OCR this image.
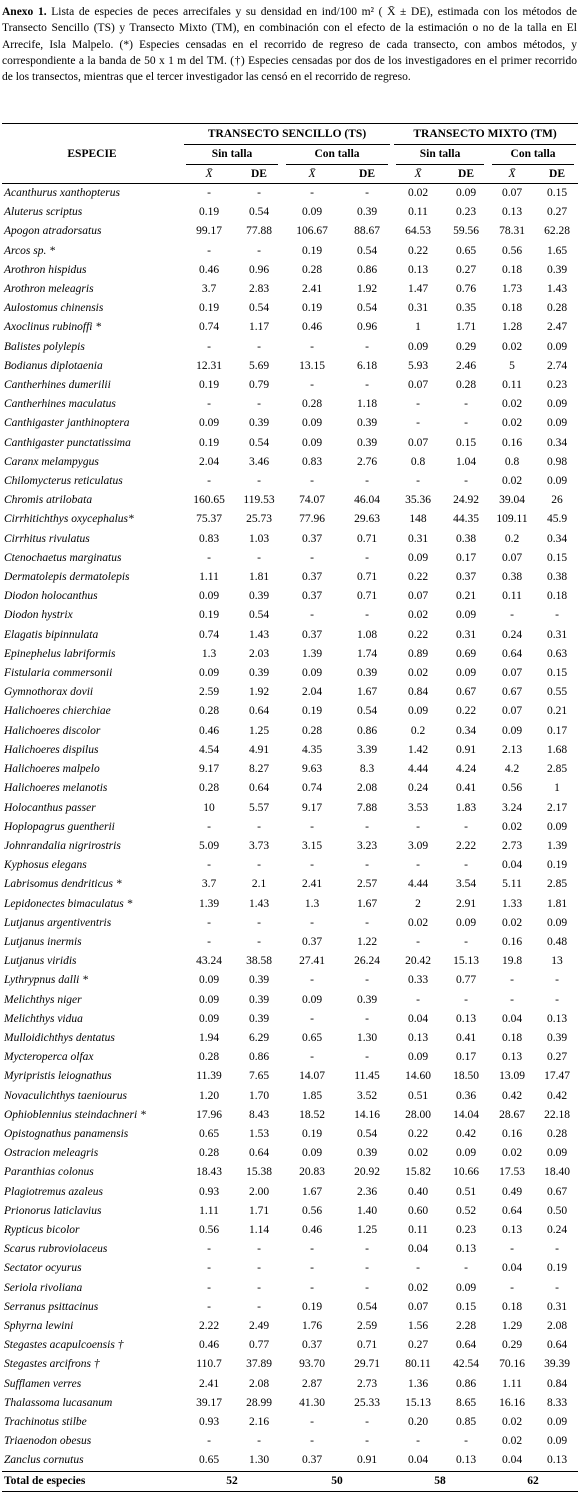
Anexo 1. Lista de especies de peces arrecifales y su densidad en ind/100 m² ( X̄ ± DE), estimada con los métodos de Transecto Sencillo (TS) y Transecto Mixto (TM), en combinación con el efecto de la estimación o no de la talla en El Arrecife, Isla Malpelo. (*) Especies censadas en el recorrido de regreso de cada transecto, con ambos métodos, y correspondiente a la banda de 50 x 1 m del TM. (†) Especies censadas por dos de los investigadores en el primer recorrido de los transectos, mientras que el tercer investigador las censó en el recorrido de regreso.
ESPECIE	TRANSECTO SENCILLO (TS)				TRANSECTO MIXTO (TM)			

	Sin talla		Con talla		Sin talla		Con talla	

	X̄	DE	X̄	DE	X̄	DE	X̄	DE
Acanthurus xanthopterus	-	-	-	-	0.02	0.09	0.07	0.15
Aluterus scriptus	0.19	0.54	0.09	0.39	0.11	0.23	0.13	0.27
Apogon atradorsatus	99.17	77.88	106.67	88.67	64.53	59.56	78.31	62.28
Arcos sp. *	-	-	0.19	0.54	0.22	0.65	0.56	1.65
Arothron hispidus	0.46	0.96	0.28	0.86	0.13	0.27	0.18	0.39
Arothron meleagris	3.7	2.83	2.41	1.92	1.47	0.76	1.73	1.43
Aulostomus chinensis	0.19	0.54	0.19	0.54	0.31	0.35	0.18	0.28
Axoclinus rubinoffi *	0.74	1.17	0.46	0.96	1	1.71	1.28	2.47
Balistes polylepis	-	-	-	-	0.09	0.29	0.02	0.09
Bodianus diplotaenia	12.31	5.69	13.15	6.18	5.93	2.46	5	2.74
Cantherhines dumerilii	0.19	0.79	-	-	0.07	0.28	0.11	0.23
Cantherhines maculatus	-	-	0.28	1.18	-	-	0.02	0.09
Canthigaster janthinoptera	0.09	0.39	0.09	0.39	-	-	0.02	0.09
Canthigaster punctatissima	0.19	0.54	0.09	0.39	0.07	0.15	0.16	0.34
Caranx melampygus	2.04	3.46	0.83	2.76	0.8	1.04	0.8	0.98
Chilomycterus reticulatus	-	-	-	-	-	-	0.02	0.09
Chromis atrilobata	160.65	119.53	74.07	46.04	35.36	24.92	39.04	26
Cirrhitichthys oxycephalus*	75.37	25.73	77.96	29.63	148	44.35	109.11	45.9
Cirrhitus rivulatus	0.83	1.03	0.37	0.71	0.31	0.38	0.2	0.34
Ctenochaetus marginatus	-	-	-	-	0.09	0.17	0.07	0.15
Dermatolepis dermatolepis	1.11	1.81	0.37	0.71	0.22	0.37	0.38	0.38
Diodon holocanthus	0.09	0.39	0.37	0.71	0.07	0.21	0.11	0.18
Diodon hystrix	0.19	0.54	-	-	0.02	0.09	-	-
Elagatis bipinnulata	0.74	1.43	0.37	1.08	0.22	0.31	0.24	0.31
Epinephelus labriformis	1.3	2.03	1.39	1.74	0.89	0.69	0.64	0.63
Fistularia commersonii	0.09	0.39	0.09	0.39	0.02	0.09	0.07	0.15
Gymnothorax dovii	2.59	1.92	2.04	1.67	0.84	0.67	0.67	0.55
Halichoeres chierchiae	0.28	0.64	0.19	0.54	0.09	0.22	0.07	0.21
Halichoeres discolor	0.46	1.25	0.28	0.86	0.2	0.34	0.09	0.17
Halichoeres dispilus	4.54	4.91	4.35	3.39	1.42	0.91	2.13	1.68
Halichoeres malpelo	9.17	8.27	9.63	8.3	4.44	4.24	4.2	2.85
Halichoeres melanotis	0.28	0.64	0.74	2.08	0.24	0.41	0.56	1
Holocanthus passer	10	5.57	9.17	7.88	3.53	1.83	3.24	2.17
Hoplopagrus guentherii	-	-	-	-	-	-	0.02	0.09
Johnrandalia nigrirostris	5.09	3.73	3.15	3.23	3.09	2.22	2.73	1.39
Kyphosus elegans	-	-	-	-	-	-	0.04	0.19
Labrisomus dendriticus *	3.7	2.1	2.41	2.57	4.44	3.54	5.11	2.85
Lepidonectes bimaculatus *	1.39	1.43	1.3	1.67	2	2.91	1.33	1.81
Lutjanus argentiventris	-	-	-	-	0.02	0.09	0.02	0.09
Lutjanus inermis	-	-	0.37	1.22	-	-	0.16	0.48
Lutjanus viridis	43.24	38.58	27.41	26.24	20.42	15.13	19.8	13
Lythrypnus dalli *	0.09	0.39	-	-	0.33	0.77	-	-
Melichthys niger	0.09	0.39	0.09	0.39	-	-	-	-
Melichthys vidua	0.09	0.39	-	-	0.04	0.13	0.04	0.13
Mulloidichthys dentatus	1.94	6.29	0.65	1.30	0.13	0.41	0.18	0.39
Mycteroperca olfax	0.28	0.86	-	-	0.09	0.17	0.13	0.27
Myripristis leiognathus	11.39	7.65	14.07	11.45	14.60	18.50	13.09	17.47
Novaculichthys taeniourus	1.20	1.70	1.85	3.52	0.51	0.36	0.42	0.42
Ophioblennius steindachneri *	17.96	8.43	18.52	14.16	28.00	14.04	28.67	22.18
Opistognathus panamensis	0.65	1.53	0.19	0.54	0.22	0.42	0.16	0.28
Ostracion meleagris	0.28	0.64	0.09	0.39	0.02	0.09	0.02	0.09
Paranthias colonus	18.43	15.38	20.83	20.92	15.82	10.66	17.53	18.40
Plagiotremus azaleus	0.93	2.00	1.67	2.36	0.40	0.51	0.49	0.67
Prionorus laticlavius	1.11	1.71	0.56	1.40	0.60	0.52	0.64	0.50
Rypticus bicolor	0.56	1.14	0.46	1.25	0.11	0.23	0.13	0.24
Scarus rubroviolaceus	-	-	-	-	0.04	0.13	-	-
Sectator ocyurus	-	-	-	-	-	-	0.04	0.19
Seriola rivoliana	-	-	-	-	0.02	0.09	-	-
Serranus psittacinus	-	-	0.19	0.54	0.07	0.15	0.18	0.31
Sphyrna lewini	2.22	2.49	1.76	2.59	1.56	2.28	1.29	2.08
Stegastes acapulcoensis †	0.46	0.77	0.37	0.71	0.27	0.64	0.29	0.64
Stegastes arcifrons †	110.7	37.89	93.70	29.71	80.11	42.54	70.16	39.39
Sufflamen verres	2.41	2.08	2.87	2.73	1.36	0.86	1.11	0.84
Thalassoma lucasanum	39.17	28.99	41.30	25.33	15.13	8.65	16.16	8.33
Trachinotus stilbe	0.93	2.16	-	-	0.20	0.85	0.02	0.09
Triaenodon obesus	-	-	-	-	-	-	0.02	0.09
Zanclus cornutus	0.65	1.30	0.37	0.91	0.04	0.13	0.04	0.13
Total de especies	52		50		58		62	
